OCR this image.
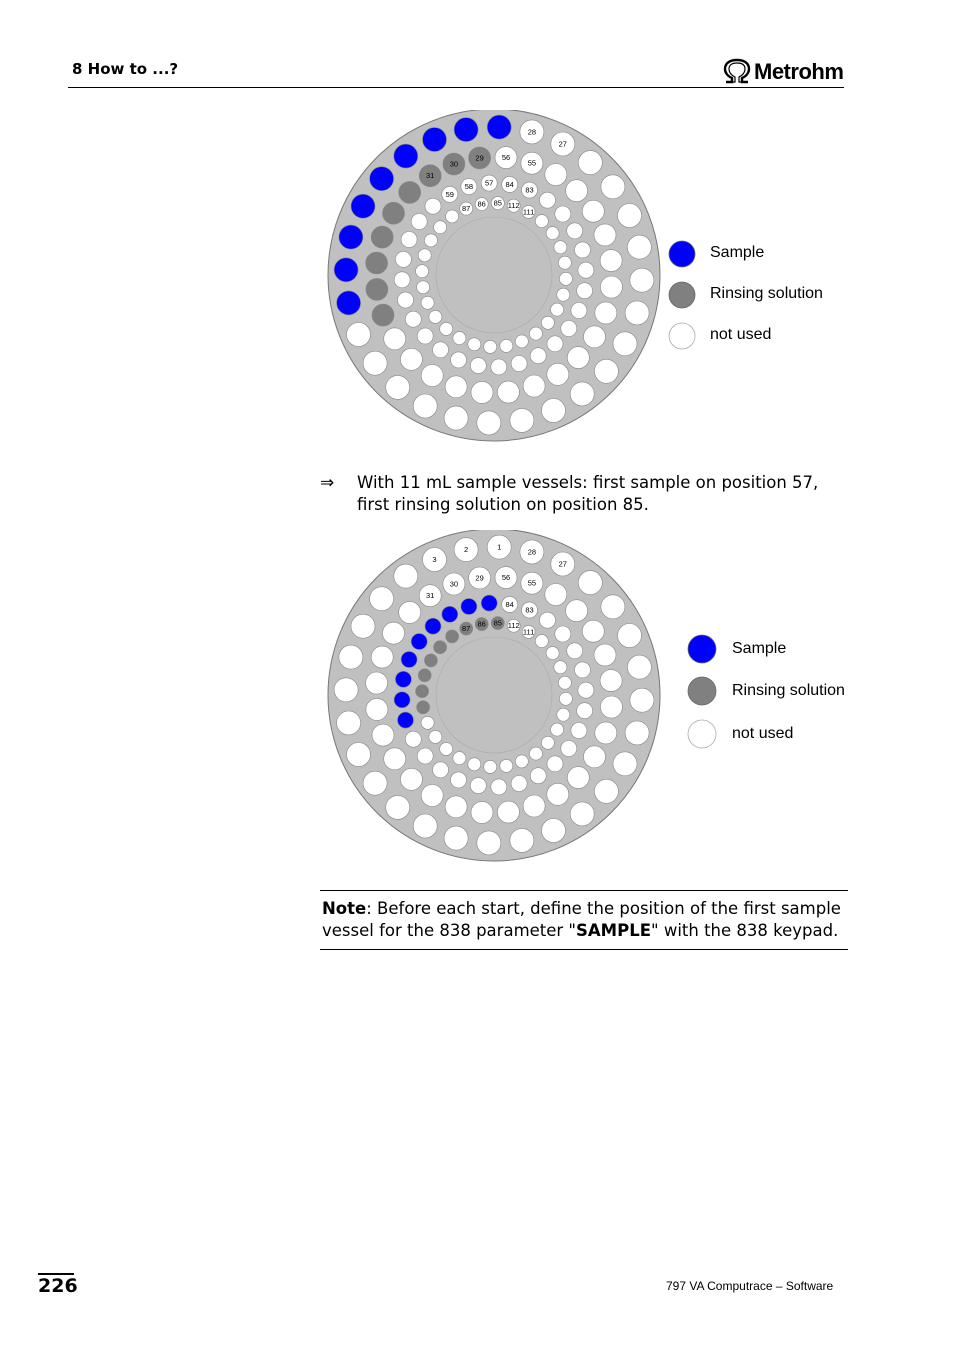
8 How to ...?	Metrohm
28
27
56
55
30
29
31
58 57 84
83
59
86 85 112
87	111
Sample
Rinsing solution
not used
⇒ With 11 mL sample vessels: first sample on position 57, first rinsing solution on position 85.
3
2	1
28
27
30
29 56
31
55
84
83
87 86 85 112
111
Sample
Rinsing solution
not used
Note: Before each start, define the position of the first sample vessel for the 838 parameter "SAMPLE" with the 838 keypad.
226	797 VA Computrace – Software
